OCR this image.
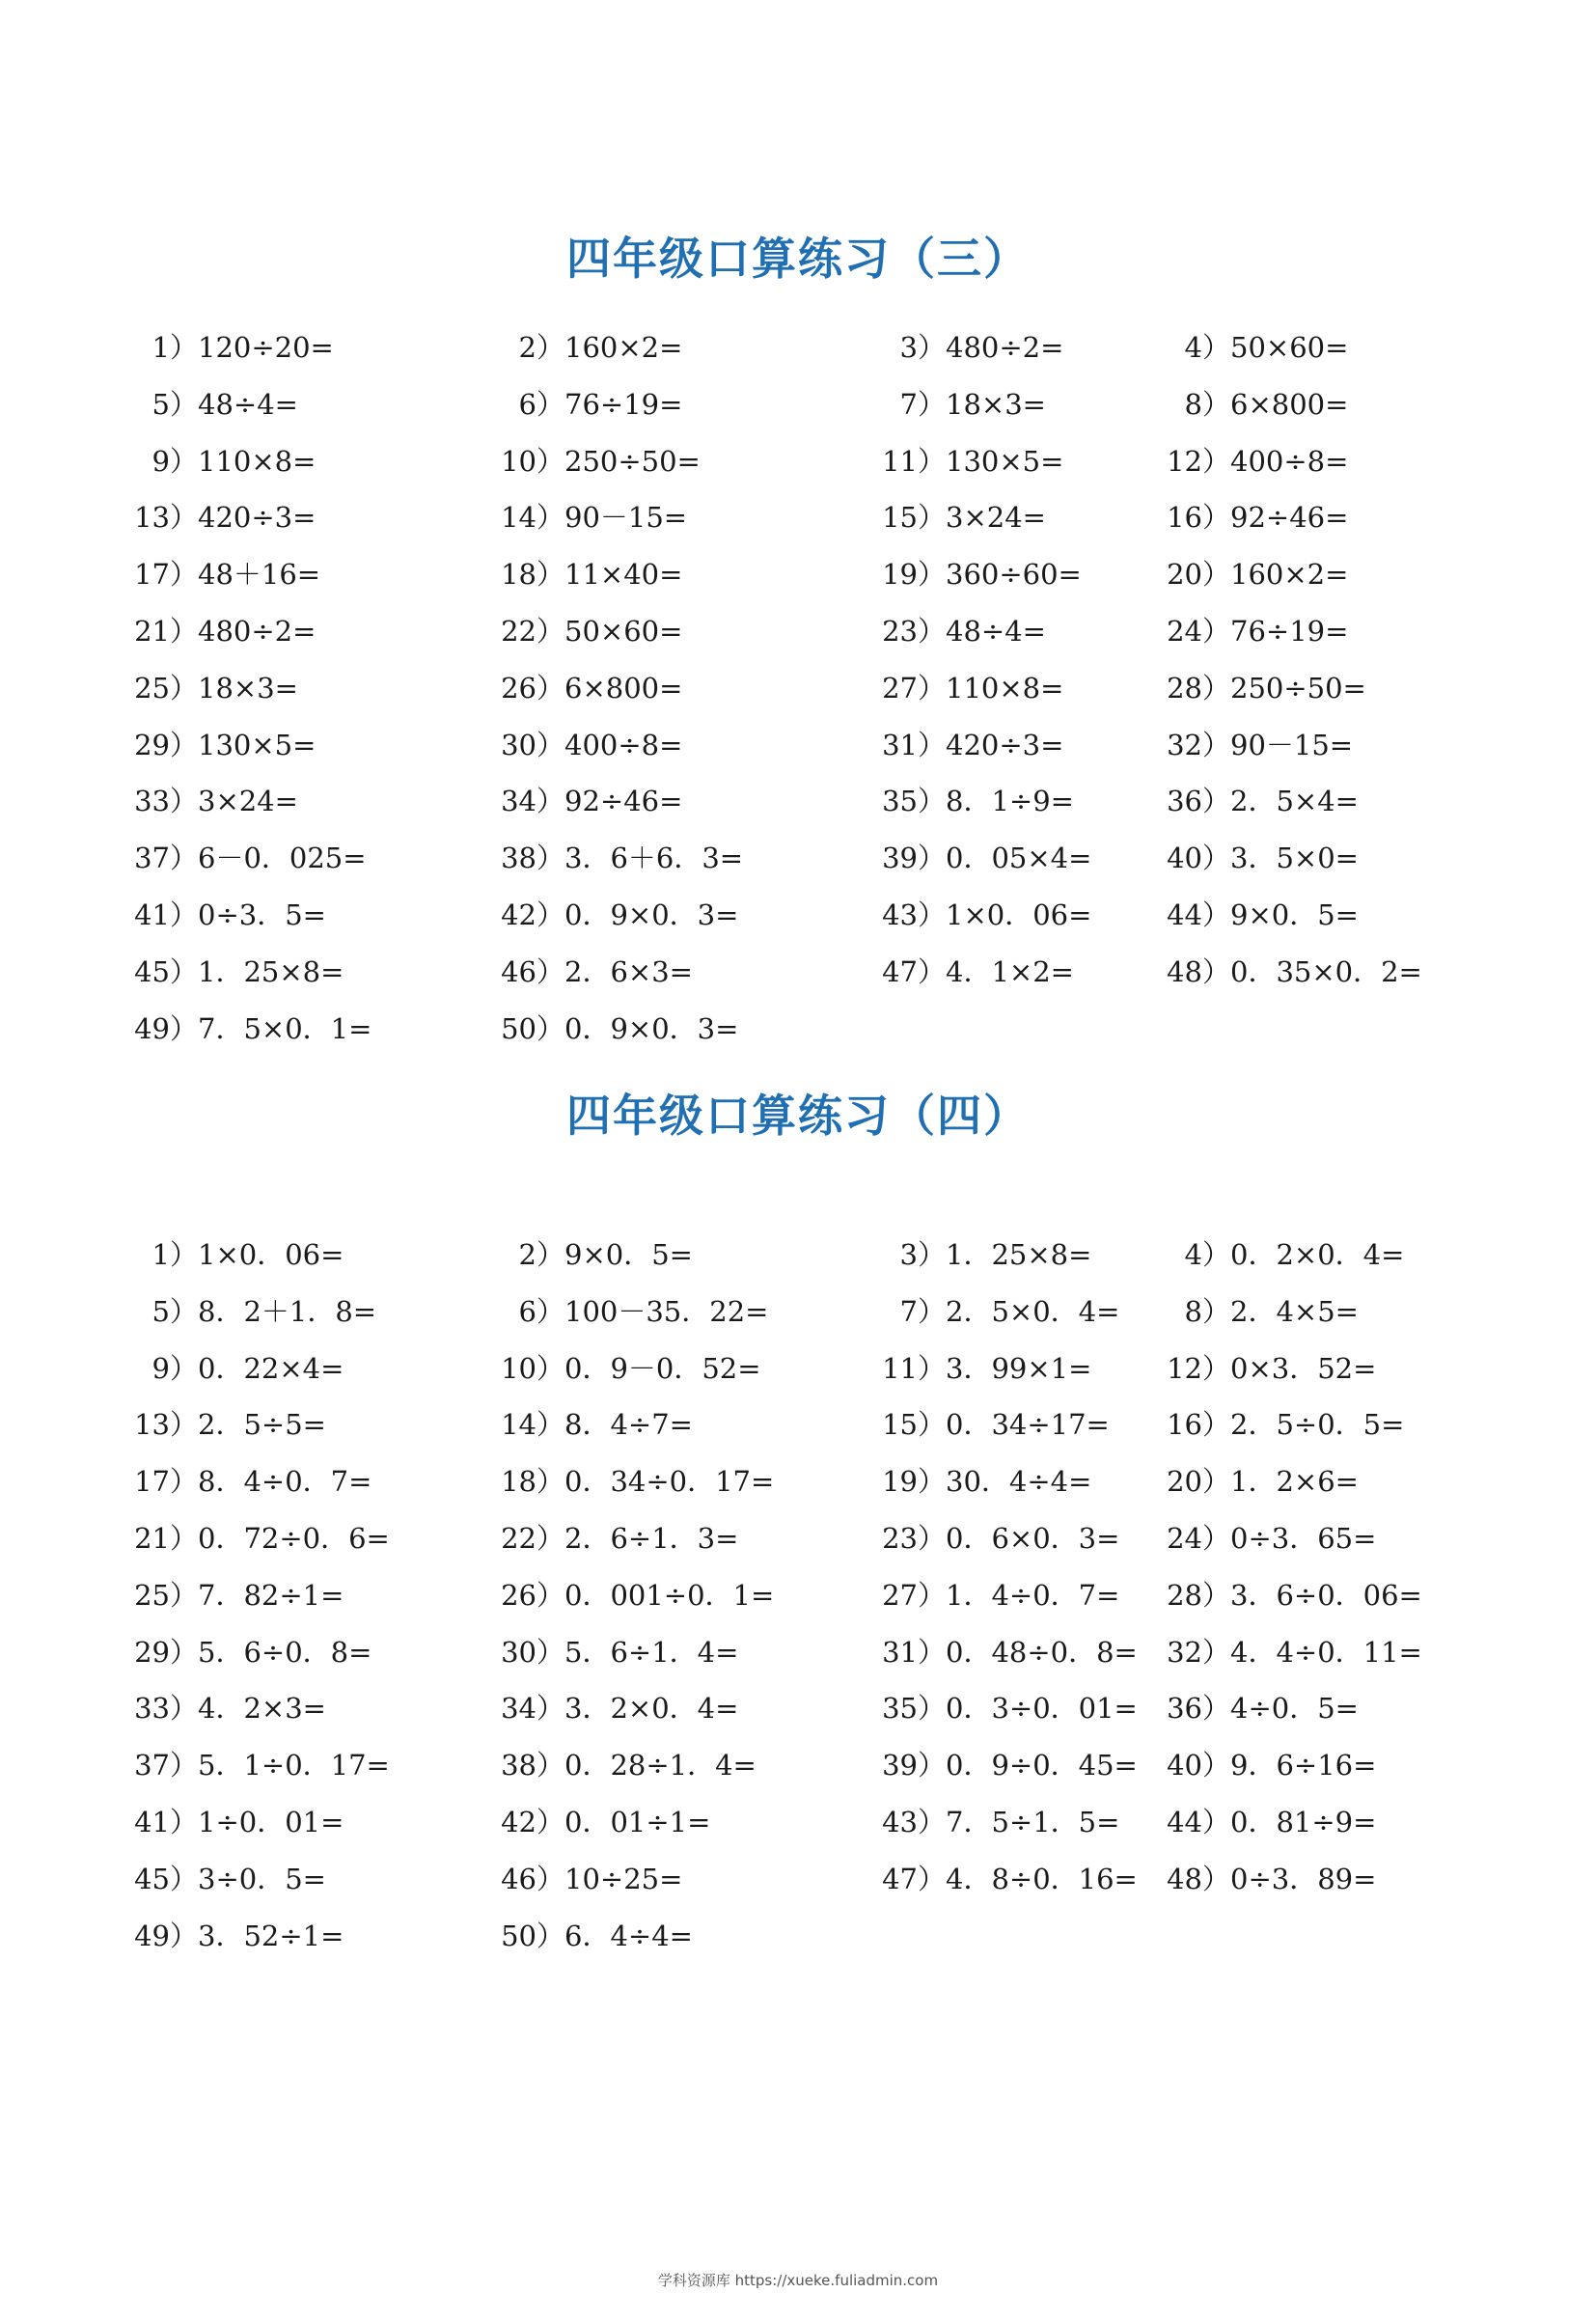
四年级口算练习（三）
四年级口算练习（四）
1）120÷20=	2）160×2=	3）480÷2=	4）50×60=
5）48÷4=	6）76÷19=	7）18×3=	8）6×800=
9）110×8=	10）250÷50=	11）130×5=	12）400÷8=
13）420÷3=	14）90－15=	15）3×24=	16）92÷46=
17）48＋16=	18）11×40=	19）360÷60=	20）160×2=
21）480÷2=	22）50×60=	23）48÷4=	24）76÷19=
25）18×3=	26）6×800=	27）110×8=	28）250÷50=
29）130×5=	30）400÷8=	31）420÷3=	32）90－15=
33）3×24=	34）92÷46=	35）8．1÷9=	36）2．5×4=
37）6－0．025=	38）3．6＋6．3=	39）0．05×4=	40）3．5×0=
41）0÷3．5=	42）0．9×0．3=	43）1×0．06=	44）9×0．5=
45）1．25×8=	46）2．6×3=	47）4．1×2=	48）0．35×0．2=
49）7．5×0．1=	50）0．9×0．3=
1）1×0．06=	2）9×0．5=	3）1．25×8=	4）0．2×0．4=
5）8．2＋1．8=	6）100－35．22=	7）2．5×0．4=	8）2．4×5=
9）0．22×4=	10）0．9－0．52=	11）3．99×1=	12）0×3．52=
13）2．5÷5=	14）8．4÷7=	15）0．34÷17= 16）2．5÷0．5=
17）8．4÷0．7=	18）0．34÷0．17=	19）30．4÷4=	20）1．2×6=
21）0．72÷0．6=	22）2．6÷1．3=	23）0．6×0．3= 24）0÷3．65=
25）7．82÷1=	26）0．001÷0．1=	27）1．4÷0．7= 28）3．6÷0．06=
29）5．6÷0．8=	30）5．6÷1．4=	31）0．48÷0．8= 32）4．4÷0．11=
33）4．2×3=	34）3．2×0．4=	35）0．3÷0．01= 36）4÷0．5=
37）5．1÷0．17=	38）0．28÷1．4=	39）0．9÷0．45= 40）9．6÷16=
41）1÷0．01=	42）0．01÷1=	43）7．5÷1．5= 44）0．81÷9=
45）3÷0．5=	46）10÷25=	47）4．8÷0．16= 48）0÷3．89=
49）3．52÷1=	50）6．4÷4=
学科资源库 https://xueke.fuliadmin.com
